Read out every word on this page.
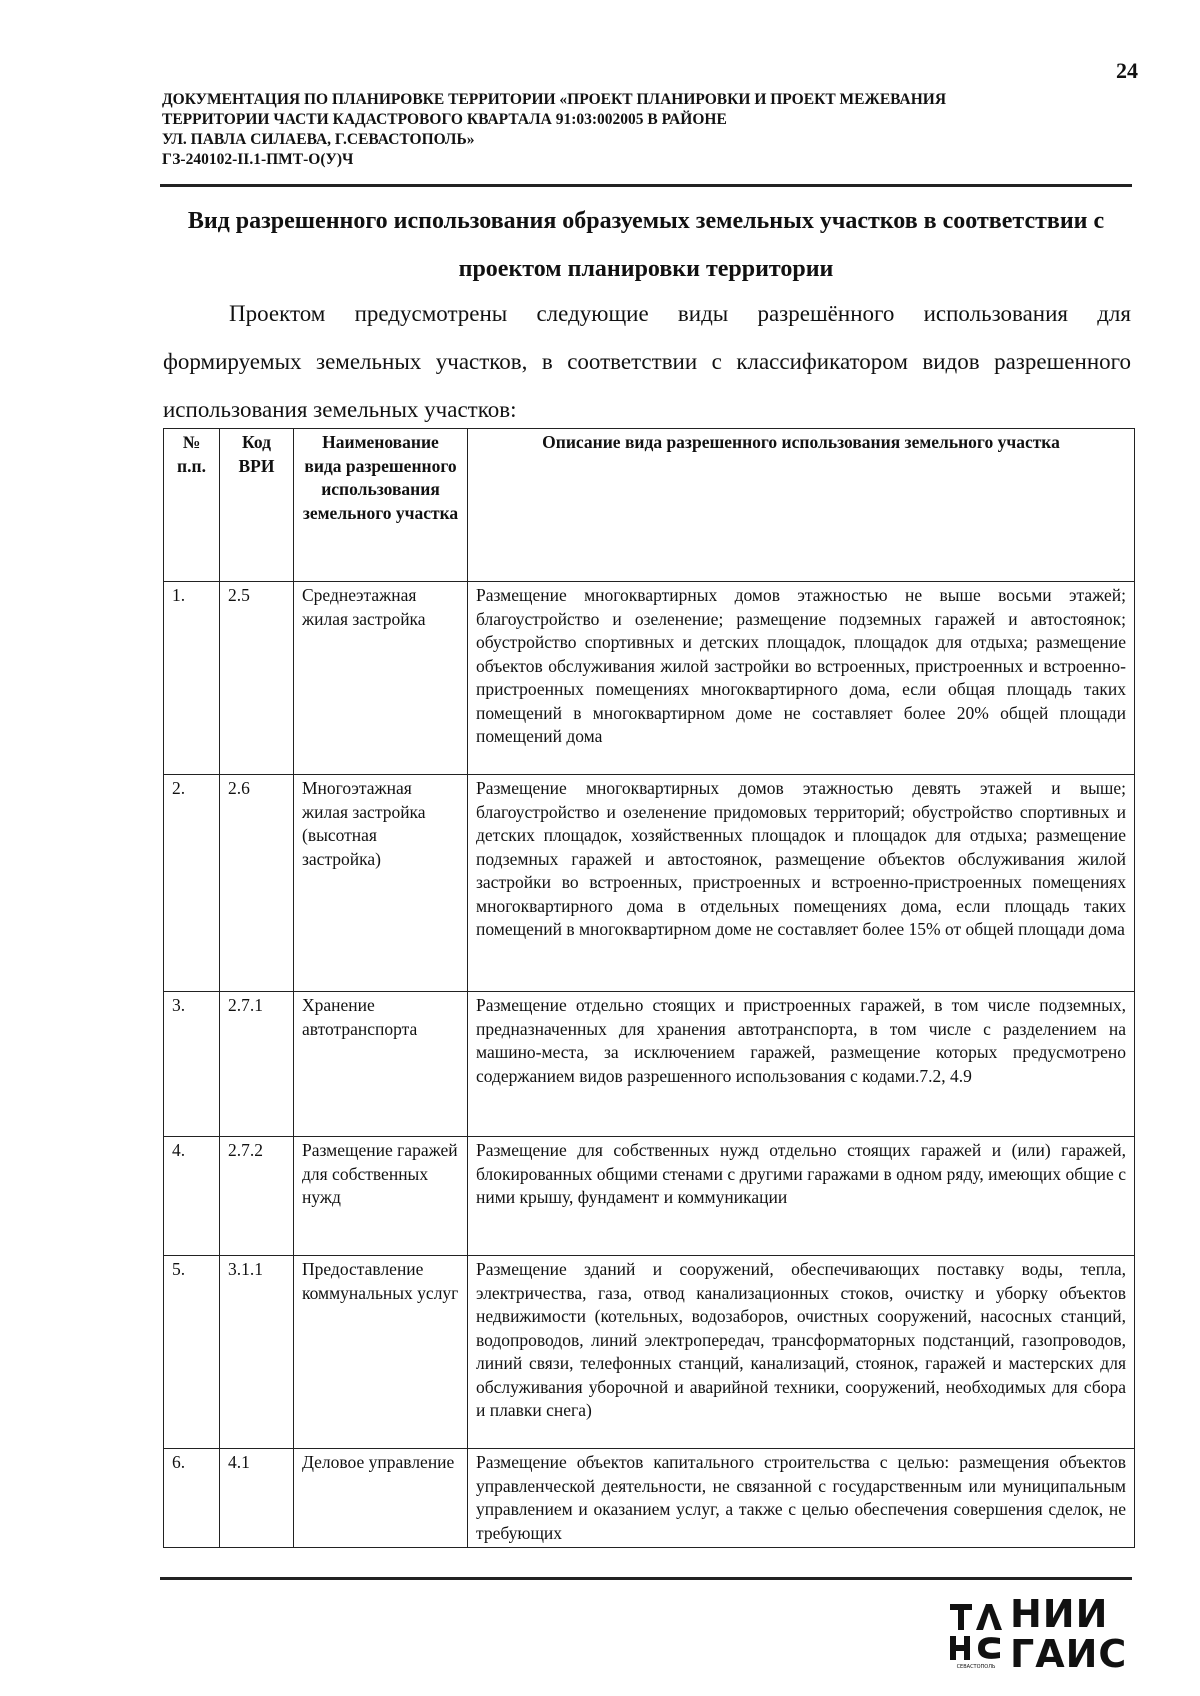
24
ДОКУМЕНТАЦИЯ ПО ПЛАНИРОВКЕ ТЕРРИТОРИИ «ПРОЕКТ ПЛАНИРОВКИ И ПРОЕКТ МЕЖЕВАНИЯ
ТЕРРИТОРИИ ЧАСТИ КАДАСТРОВОГО КВАРТАЛА 91:03:002005 В РАЙОНЕ
УЛ. ПАВЛА СИЛАЕВА, Г.СЕВАСТОПОЛЬ»
ГЗ-240102-II.1-ПМТ-О(У)Ч
Вид разрешенного использования образуемых земельных участков в соответствии с проектом планировки территории
Проектом предусмотрены следующие виды разрешённого использования для формируемых земельных участков, в соответствии с классификатором видов разрешенного использования земельных участков:
№ п.п.	Код ВРИ	Наименование вида разрешенного использования земельного участка	Описание вида разрешенного использования земельного участка
1.	2.5	Среднеэтажная жилая застройка	Размещение многоквартирных домов этажностью не выше восьми этажей; благоустройство и озеленение; размещение подземных гаражей и автостоянок; обустройство спортивных и детских площадок, площадок для отдыха; размещение объектов обслуживания жилой застройки во встроенных, пристроенных и встроенно-пристроенных помещениях многоквартирного дома, если общая площадь таких помещений в многоквартирном доме не составляет более 20% общей площади помещений дома
2.	2.6	Многоэтажная жилая застройка (высотная застройка)	Размещение многоквартирных домов этажностью девять этажей и выше; благоустройство и озеленение придомовых территорий; обустройство спортивных и детских площадок, хозяйственных площадок и площадок для отдыха; размещение подземных гаражей и автостоянок, размещение объектов обслуживания жилой застройки во встроенных, пристроенных и встроенно-пристроенных помещениях многоквартирного дома в отдельных помещениях дома, если площадь таких помещений в многоквартирном доме не составляет более 15% от общей площади дома
3.	2.7.1	Хранение автотранспорта	Размещение отдельно стоящих и пристроенных гаражей, в том числе подземных, предназначенных для хранения автотранспорта, в том числе с разделением на машино-места, за исключением гаражей, размещение которых предусмотрено содержанием видов разрешенного использования с кодами.7.2, 4.9
4.	2.7.2	Размещение гаражей для собственных нужд	Размещение для собственных нужд отдельно стоящих гаражей и (или) гаражей, блокированных общими стенами с другими гаражами в одном ряду, имеющих общие с ними крышу, фундамент и коммуникации
5.	3.1.1	Предоставление коммунальных услуг	Размещение зданий и сооружений, обеспечивающих поставку воды, тепла, электричества, газа, отвод канализационных стоков, очистку и уборку объектов недвижимости (котельных, водозаборов, очистных сооружений, насосных станций, водопроводов, линий электропередач, трансформаторных подстанций, газопроводов, линий связи, телефонных станций, канализаций, стоянок, гаражей и мастерских для обслуживания уборочной и аварийной техники, сооружений, необходимых для сбора и плавки снега)
6.	4.1	Деловое управление	Размещение объектов капитального строительства с целью: размещения объектов управленческой деятельности, не связанной с государственным или муниципальным управлением и оказанием услуг, а также с целью обеспечения совершения сделок, не требующих
СЕВАСТОПОЛЬ
НИИ
ГАИС
